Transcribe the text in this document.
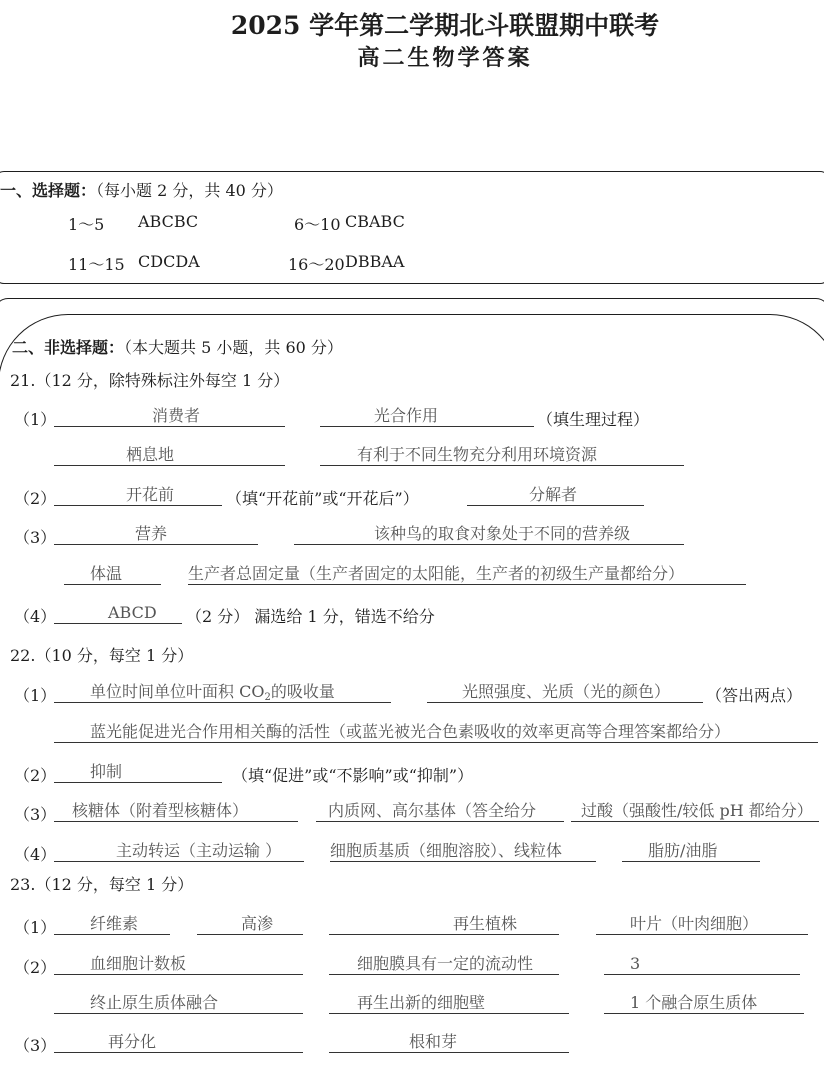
2025 学年第二学期北斗联盟期中联考
高二生物学答案
一、选择题：（每小题 2 分，共 40 分）
1～5 ABCBC	6～10 CBABC
11～15 CDCDA	16～20 DBBAA
二、非选择题：（本大题共 5 小题，共 60 分）
21.（12 分，除特殊标注外每空 1 分）
（1）	消费者	光合作用	（填生理过程）
栖息地	有利于不同生物充分利用环境资源
（2）	开花前	（填“开花前”或“开花后”）	分解者
（3）	营养	该种鸟的取食对象处于不同的营养级
体温	生产者总固定量（生产者固定的太阳能，生产者的初级生产量都给分）
（4）	ABCD	（2 分） 漏选给 1 分，错选不给分
22.（10 分，每空 1 分）
（1）	单位时间单位叶面积 CO2的吸收量	光照强度、光质（光的颜色）	（答出两点）
蓝光能促进光合作用相关酶的活性（或蓝光被光合色素吸收的效率更高等合理答案都给分）
（2）	抑制	（填“促进”或“不影响”或“抑制”）
（3） 核糖体（附着型核糖体）	内质网、高尔基体（答全给分	过酸（强酸性/较低 pH 都给分）
（4）	主动转运（主动运输 ）	细胞质基质（细胞溶胶）、线粒体	脂肪/油脂
23.（12 分，每空 1 分）
（1）	纤维素	高渗	再生植株	叶片（叶肉细胞）
（2）	血细胞计数板	细胞膜具有一定的流动性	3
终止原生质体融合	再生出新的细胞壁	1 个融合原生质体
（3）	再分化	根和芽
